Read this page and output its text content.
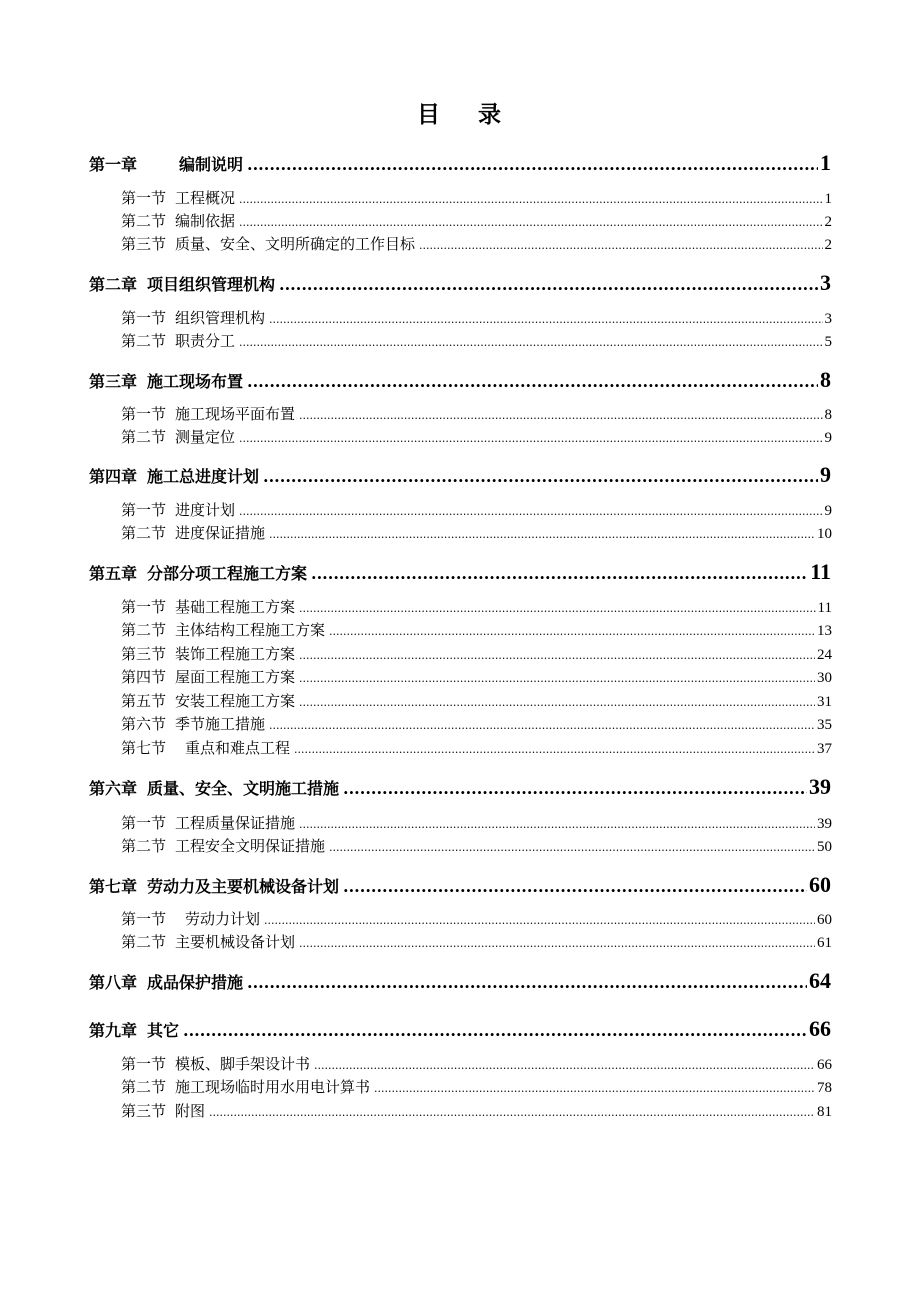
目 录
第一章	编制说明 .....	1
第一节 工程概况 .....	1
第二节 编制依据 .....	2
第三节 质量、安全、文明所确定的工作目标 .....	2
第二章 项目组织管理机构 .....	3
第一节 组织管理机构 .....	3
第二节 职责分工 .....	5
第三章 施工现场布置 .....	8
第一节 施工现场平面布置 .....	8
第二节 测量定位 .....	9
第四章 施工总进度计划 .....	9
第一节 进度计划 .....	9
第二节 进度保证措施 .....	10
第五章 分部分项工程施工方案 .....	11
第一节 基础工程施工方案 .....	11
第二节 主体结构工程施工方案 .....	13
第三节 装饰工程施工方案 .....	24
第四节 屋面工程施工方案 .....	30
第五节 安装工程施工方案 .....	31
第六节 季节施工措施 .....	35
第七节 重点和难点工程 .....	37
第六章 质量、安全、文明施工措施 .....	39
第一节 工程质量保证措施 .....	39
第二节 工程安全文明保证措施 .....	50
第七章 劳动力及主要机械设备计划 .....	60
第一节 劳动力计划 .....	60
第二节 主要机械设备计划 .....	61
第八章 成品保护措施 .....	64
第九章 其它 .....	66
第一节 模板、脚手架设计书 .....	66
第二节 施工现场临时用水用电计算书 .....	78
第三节 附图 .....	81
